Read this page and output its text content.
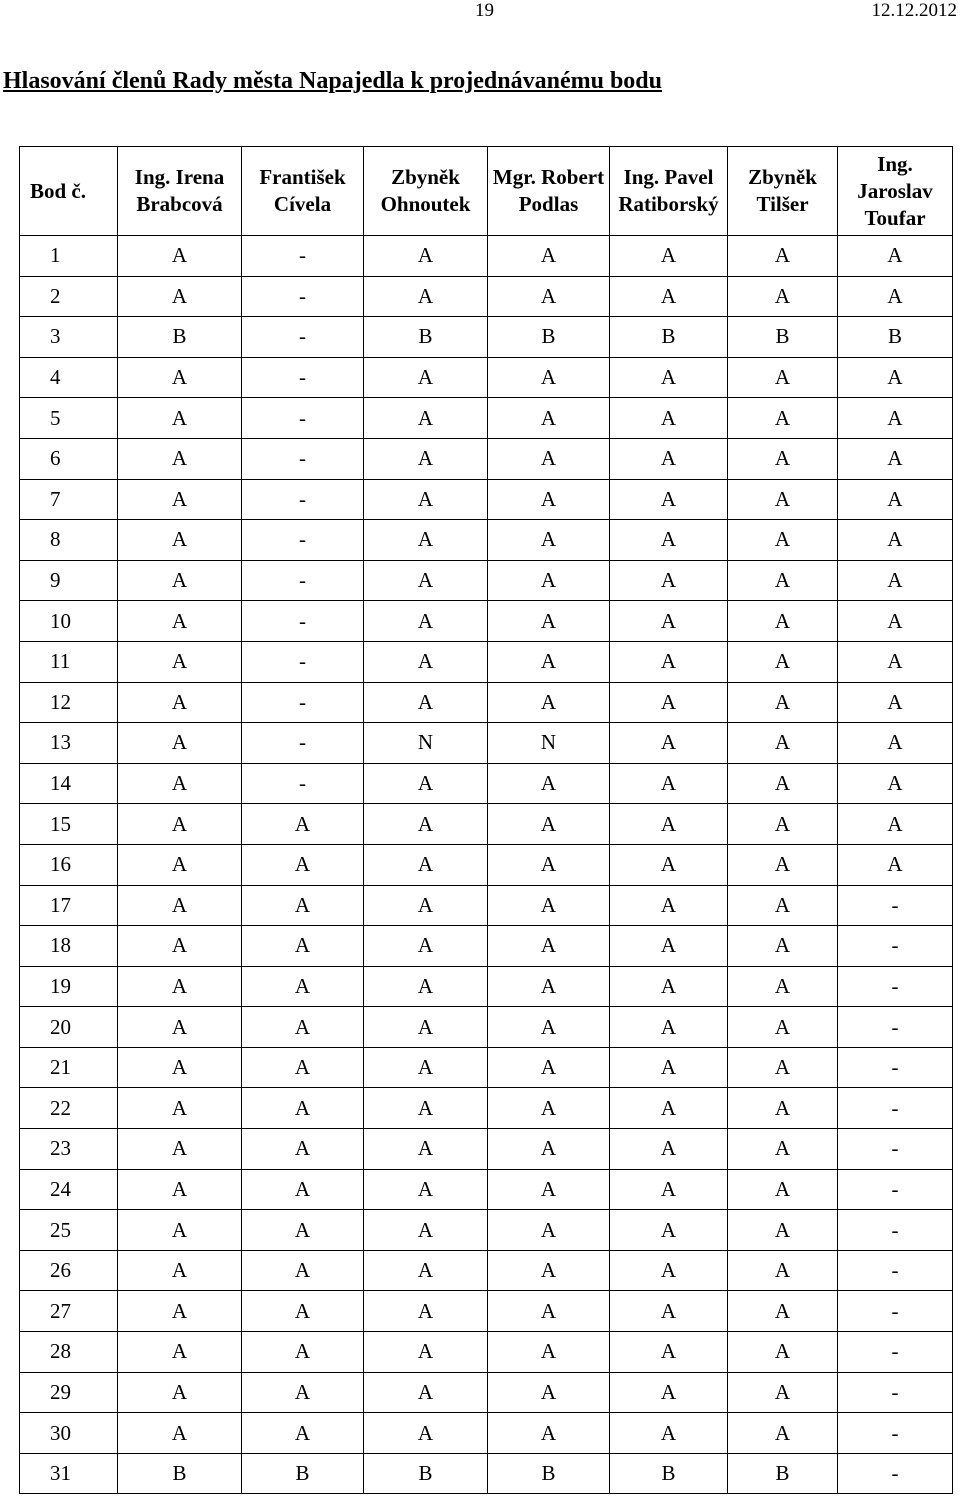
19	12.12.2012
Hlasování členů Rady města Napajedla k projednávanému bodu
Bod č.	Ing. Irena Brabcová	František Cívela	Zbyněk Ohnoutek	Mgr. Robert Podlas	Ing. Pavel Ratiborský	Zbyněk Tilšer	Ing. Jaroslav Toufar
1	A	-	A	A	A	A	A
2	A	-	A	A	A	A	A
3	B	-	B	B	B	B	B
4	A	-	A	A	A	A	A
5	A	-	A	A	A	A	A
6	A	-	A	A	A	A	A
7	A	-	A	A	A	A	A
8	A	-	A	A	A	A	A
9	A	-	A	A	A	A	A
10	A	-	A	A	A	A	A
11	A	-	A	A	A	A	A
12	A	-	A	A	A	A	A
13	A	-	N	N	A	A	A
14	A	-	A	A	A	A	A
15	A	A	A	A	A	A	A
16	A	A	A	A	A	A	A
17	A	A	A	A	A	A	-
18	A	A	A	A	A	A	-
19	A	A	A	A	A	A	-
20	A	A	A	A	A	A	-
21	A	A	A	A	A	A	-
22	A	A	A	A	A	A	-
23	A	A	A	A	A	A	-
24	A	A	A	A	A	A	-
25	A	A	A	A	A	A	-
26	A	A	A	A	A	A	-
27	A	A	A	A	A	A	-
28	A	A	A	A	A	A	-
29	A	A	A	A	A	A	-
30	A	A	A	A	A	A	-
31	B	B	B	B	B	B	-
